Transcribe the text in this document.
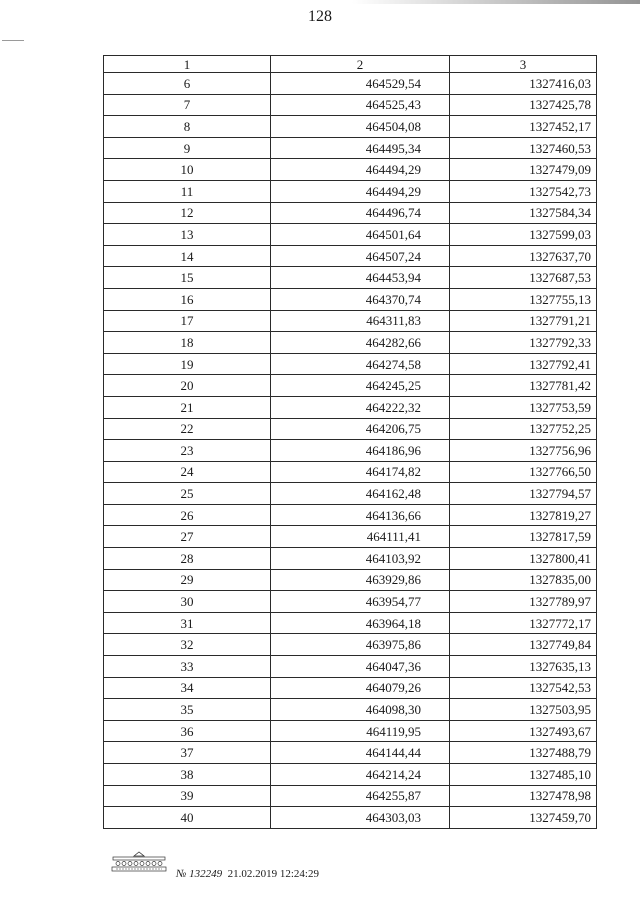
128
1	2	3
6	464529,54	1327416,03
7	464525,43	1327425,78
8	464504,08	1327452,17
9	464495,34	1327460,53
10	464494,29	1327479,09
11	464494,29	1327542,73
12	464496,74	1327584,34
13	464501,64	1327599,03
14	464507,24	1327637,70
15	464453,94	1327687,53
16	464370,74	1327755,13
17	464311,83	1327791,21
18	464282,66	1327792,33
19	464274,58	1327792,41
20	464245,25	1327781,42
21	464222,32	1327753,59
22	464206,75	1327752,25
23	464186,96	1327756,96
24	464174,82	1327766,50
25	464162,48	1327794,57
26	464136,66	1327819,27
27	464111,41	1327817,59
28	464103,92	1327800,41
29	463929,86	1327835,00
30	463954,77	1327789,97
31	463964,18	1327772,17
32	463975,86	1327749,84
33	464047,36	1327635,13
34	464079,26	1327542,53
35	464098,30	1327503,95
36	464119,95	1327493,67
37	464144,44	1327488,79
38	464214,24	1327485,10
39	464255,87	1327478,98
40	464303,03	1327459,70
№ 132249 21.02.2019 12:24:29
